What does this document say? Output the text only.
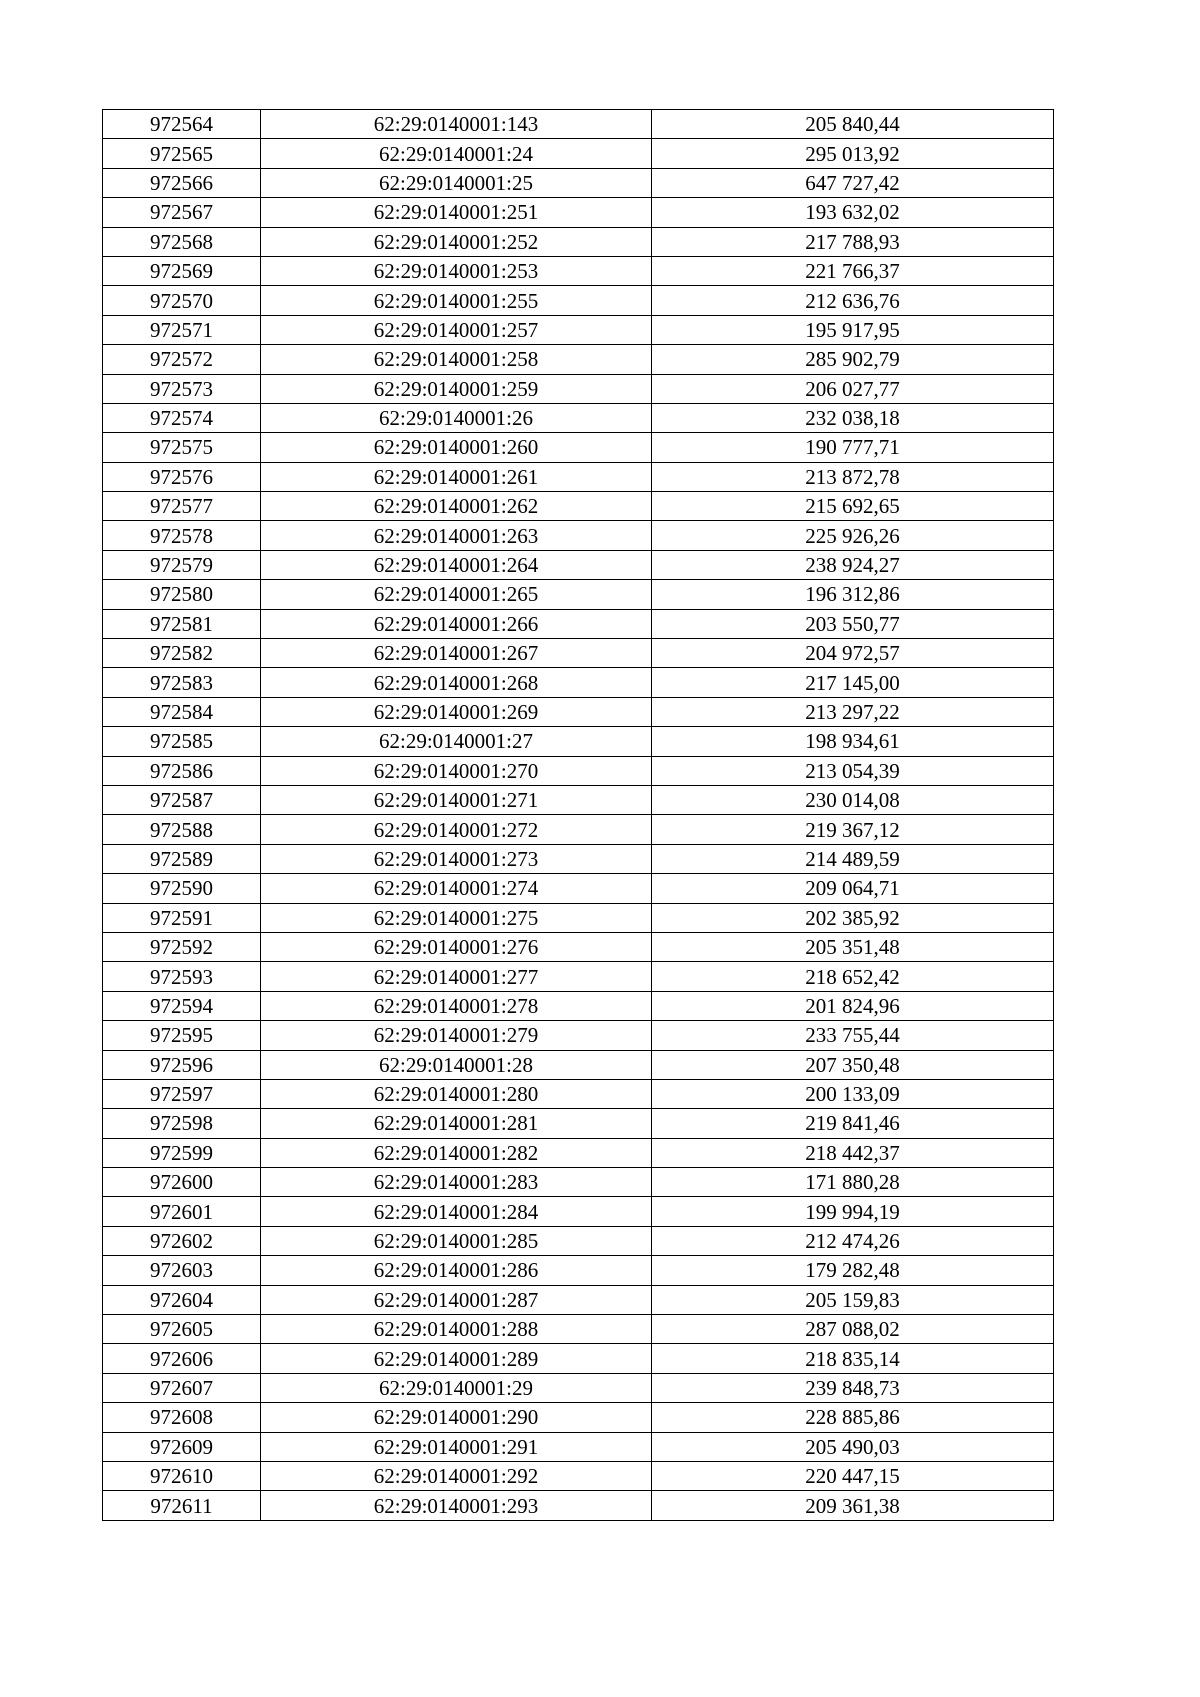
972564	62:29:0140001:143	205 840,44
972565	62:29:0140001:24	295 013,92
972566	62:29:0140001:25	647 727,42
972567	62:29:0140001:251	193 632,02
972568	62:29:0140001:252	217 788,93
972569	62:29:0140001:253	221 766,37
972570	62:29:0140001:255	212 636,76
972571	62:29:0140001:257	195 917,95
972572	62:29:0140001:258	285 902,79
972573	62:29:0140001:259	206 027,77
972574	62:29:0140001:26	232 038,18
972575	62:29:0140001:260	190 777,71
972576	62:29:0140001:261	213 872,78
972577	62:29:0140001:262	215 692,65
972578	62:29:0140001:263	225 926,26
972579	62:29:0140001:264	238 924,27
972580	62:29:0140001:265	196 312,86
972581	62:29:0140001:266	203 550,77
972582	62:29:0140001:267	204 972,57
972583	62:29:0140001:268	217 145,00
972584	62:29:0140001:269	213 297,22
972585	62:29:0140001:27	198 934,61
972586	62:29:0140001:270	213 054,39
972587	62:29:0140001:271	230 014,08
972588	62:29:0140001:272	219 367,12
972589	62:29:0140001:273	214 489,59
972590	62:29:0140001:274	209 064,71
972591	62:29:0140001:275	202 385,92
972592	62:29:0140001:276	205 351,48
972593	62:29:0140001:277	218 652,42
972594	62:29:0140001:278	201 824,96
972595	62:29:0140001:279	233 755,44
972596	62:29:0140001:28	207 350,48
972597	62:29:0140001:280	200 133,09
972598	62:29:0140001:281	219 841,46
972599	62:29:0140001:282	218 442,37
972600	62:29:0140001:283	171 880,28
972601	62:29:0140001:284	199 994,19
972602	62:29:0140001:285	212 474,26
972603	62:29:0140001:286	179 282,48
972604	62:29:0140001:287	205 159,83
972605	62:29:0140001:288	287 088,02
972606	62:29:0140001:289	218 835,14
972607	62:29:0140001:29	239 848,73
972608	62:29:0140001:290	228 885,86
972609	62:29:0140001:291	205 490,03
972610	62:29:0140001:292	220 447,15
972611	62:29:0140001:293	209 361,38
